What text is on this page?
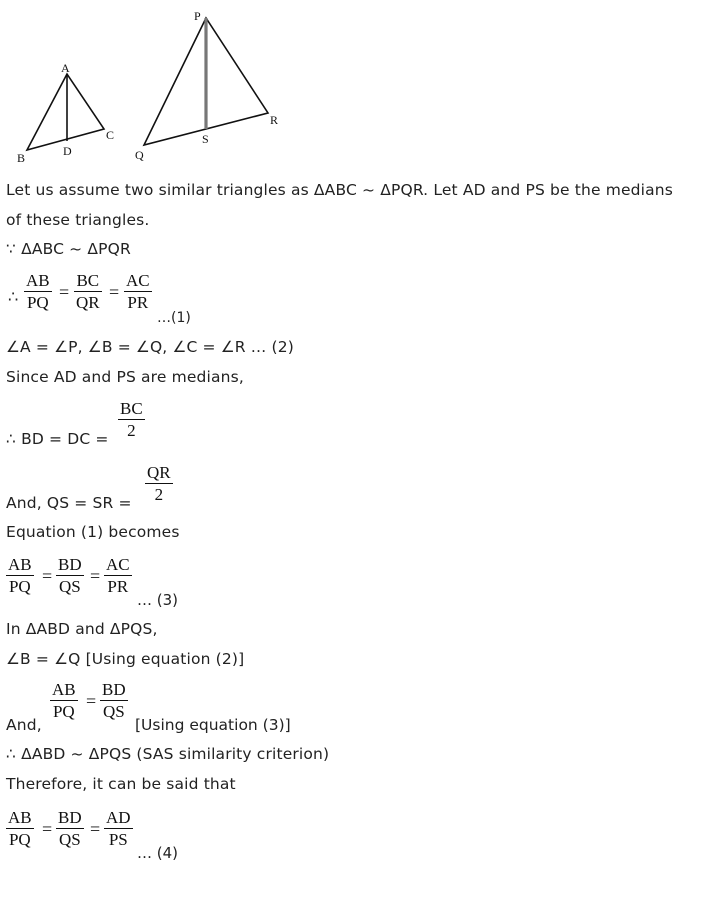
A
B
C
D
P
Q
R
S
Let us assume two similar triangles as ΔABC ~ ΔPQR. Let AD and PS be the medians
of these triangles.
∵ ΔABC ~ ΔPQR
∴ $\frac{AB}{PQ} = \frac{BC}{QR} = \frac{AC}{PR}$
…(1)
∠A = ∠P, ∠B = ∠Q, ∠C = ∠R … (2)
Since AD and PS are medians,
∴ BD = DC = $\frac{BC}{2}$
And, QS = SR = $\frac{QR}{2}$
Equation (1) becomes
$\frac{AB}{PQ} = \frac{BD}{QS} = \frac{AC}{PR}$
… (3)
In ΔABD and ΔPQS,
∠B = ∠Q [Using equation (2)]
And,
$\frac{AB}{PQ} = \frac{BD}{QS}$
[Using equation (3)]
∴ ΔABD ~ ΔPQS (SAS similarity criterion)
Therefore, it can be said that
$\frac{AB}{PQ} = \frac{BD}{QS} = \frac{AD}{PS}$
… (4)
